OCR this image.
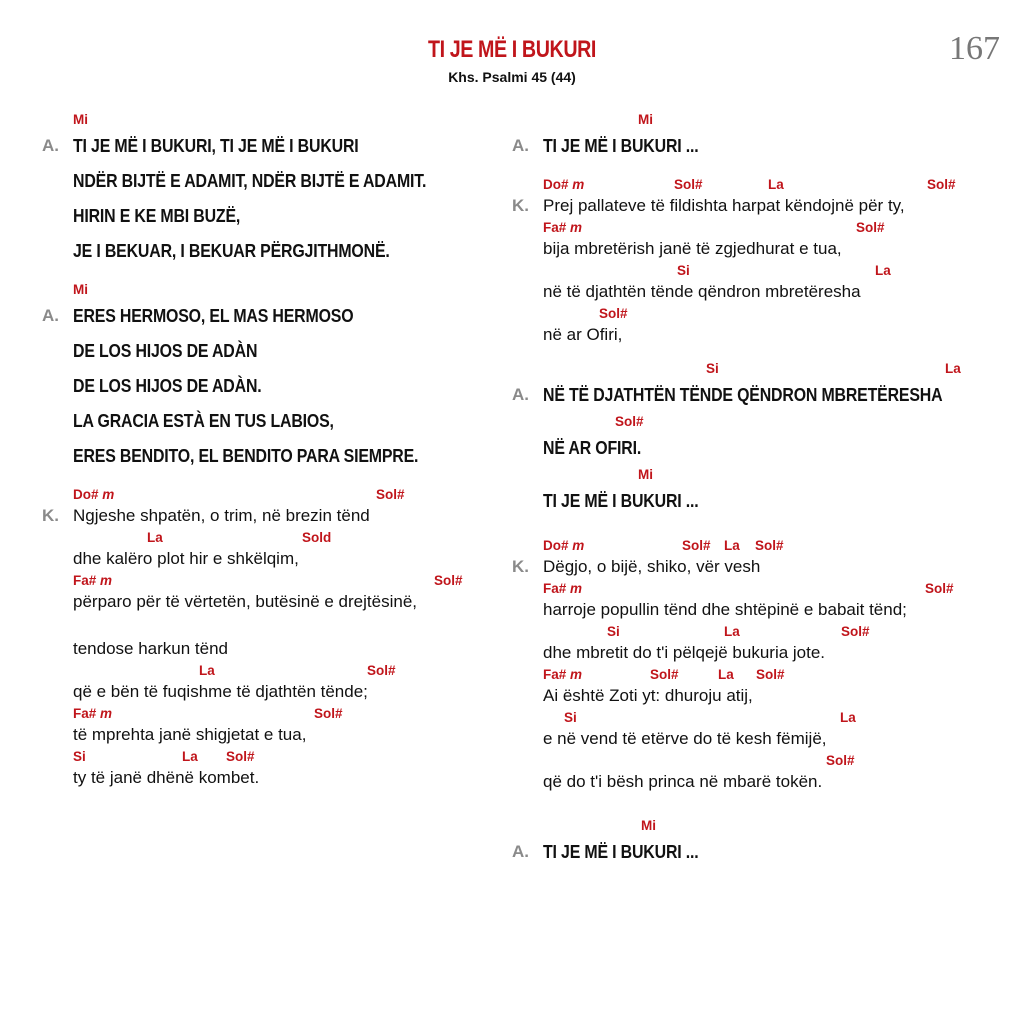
TI JE MË I BUKURI
Khs. Psalmi 45 (44)
167
Mi
A. TI JE MË I BUKURI, TI JE MË I BUKURI
NDËR BIJTË E ADAMIT, NDËR BIJTË E ADAMIT.
HIRIN E KE MBI BUZË,
JE I BEKUAR, I BEKUAR PËRGJITHMONË.
Mi
A. ERES HERMOSO, EL MAS HERMOSO
DE LOS HIJOS DE ADÀN
DE LOS HIJOS DE ADÀN.
LA GRACIA ESTÀ EN TUS LABIOS,
ERES BENDITO, EL BENDITO PARA SIEMPRE.
Do# m	Sol#
K. Ngjeshe shpatën, o trim, në brezin tënd
La	Sold
dhe kalëro plot hir e shkëlqim,
Fa# m	Sol#
përparo për të vërtetën, butësinë e drejtësinë,
tendose harkun tënd
La	Sol#
që e bën të fuqishme të djathtën tënde;
Fa# m	Sol#
të mprehta janë shigjetat e tua,
Si	La Sol#
ty të janë dhënë kombet.
Mi
A. TI JE MË I BUKURI ...
Do# m	Sol#	La	Sol#
K. Prej pallateve të fildishta harpat këndojnë për ty,
Fa# m	Sol#
bija mbretërish janë të zgjedhurat e tua,
Si	La
në të djathtën tënde qëndron mbretëresha
Sol#
në ar Ofiri,
Si	La
A. NË TË DJATHTËN TËNDE QËNDRON MBRETËRESHA
Sol#
NË AR OFIRI.
Mi
TI JE MË I BUKURI ...
Do# m	Sol# La Sol#
K. Dëgjo, o bijë, shiko, vër vesh
Fa# m	Sol#
harroje popullin tënd dhe shtëpinë e babait tënd;
Si	La	Sol#
dhe mbretit do t'i pëlqejë bukuria jote.
Fa# m	Sol#	La Sol#
Ai është Zoti yt: dhuroju atij,
Si	La
e në vend të etërve do të kesh fëmijë,
Sol#
që do t'i bësh princa në mbarë tokën.
Mi
A. TI JE MË I BUKURI ...
